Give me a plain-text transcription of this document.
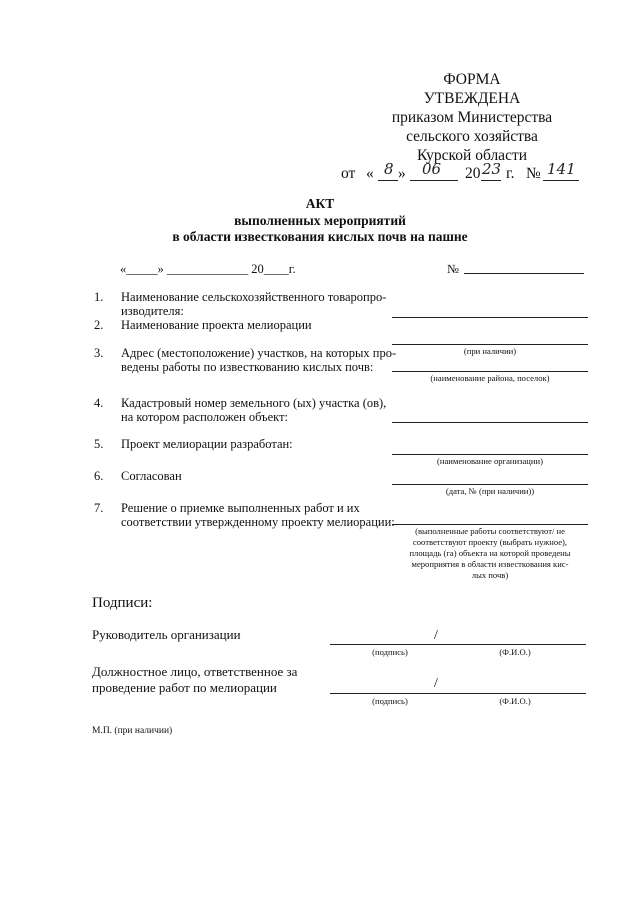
ФОРМА
УТВЕЖДЕНА
приказом Министерства
сельского хозяйства
Курской области
от « 8 » 06 20 23 г. № 141
АКТ
выполненных мероприятий
в области известкования кислых почв на пашне
«_____» _____________ 20____г.	№
1. Наименование сельскохозяйственного товаропро-
изводителя:
2. Наименование проекта мелиорации
(при наличии)
3. Адрес (местоположение) участков, на которых про-
ведены работы по известкованию кислых почв:
(наименование района, поселок)
4. Кадастровый номер земельного (ых) участка (ов),
на котором расположен объект:
5. Проект мелиорации разработан:
(наименование организации)
6. Согласован
(дата, № (при наличии))
7. Решение о приемке выполненных работ и их
соответствии утвержденному проекту мелиорации:
(выполненные работы соответствуют/ не
соответствуют проекту (выбрать нужное),
площадь (га) объекта на которой проведены
мероприятия в области известкования кис-
лых почв)
Подписи:
Руководитель организации	/
(подпись)	(Ф.И.О.)
Должностное лицо, ответственное за
проведение работ по мелиорации	/
(подпись)	(Ф.И.О.)
М.П. (при наличии)
